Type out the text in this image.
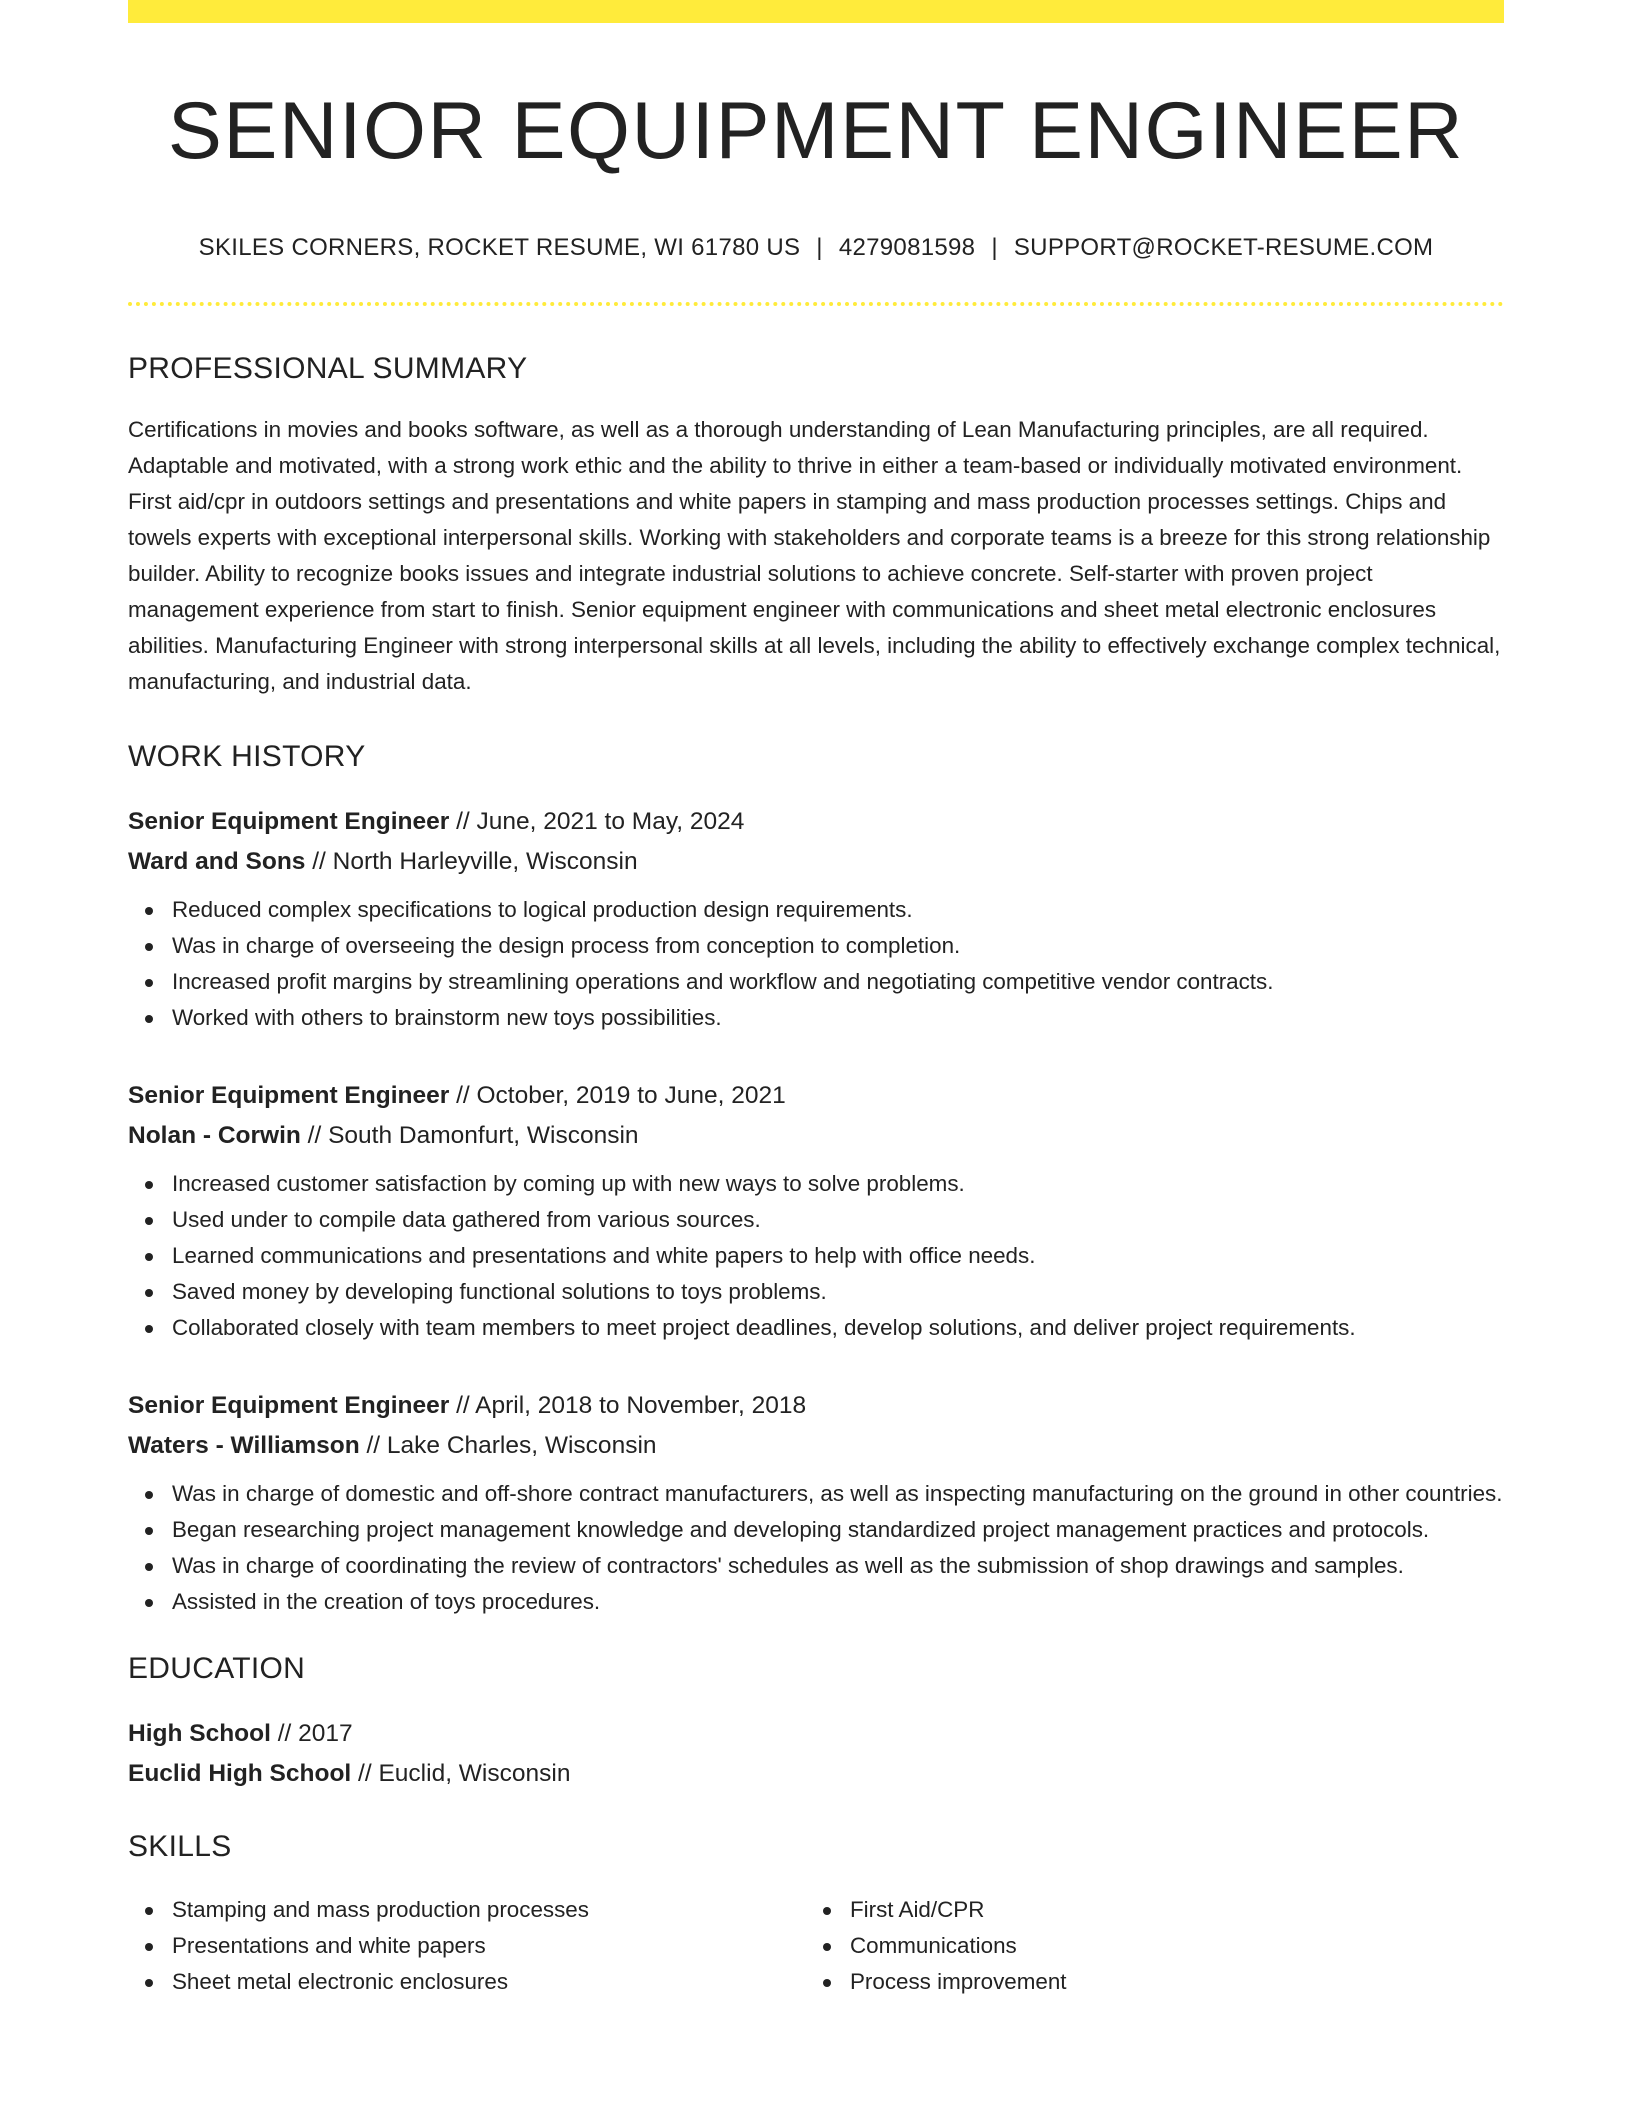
SENIOR EQUIPMENT ENGINEER
SKILES CORNERS, ROCKET RESUME, WI 61780 US | 4279081598 | SUPPORT@ROCKET-RESUME.COM
PROFESSIONAL SUMMARY

Certifications in movies and books software, as well as a thorough understanding of Lean Manufacturing principles, are all required. Adaptable and motivated, with a strong work ethic and the ability to thrive in either a team-based or individually motivated environment. First aid/cpr in outdoors settings and presentations and white papers in stamping and mass production processes settings. Chips and towels experts with exceptional interpersonal skills. Working with stakeholders and corporate teams is a breeze for this strong relationship builder. Ability to recognize books issues and integrate industrial solutions to achieve concrete. Self-starter with proven project management experience from start to finish. Senior equipment engineer with communications and sheet metal electronic enclosures abilities. Manufacturing Engineer with strong interpersonal skills at all levels, including the ability to effectively exchange complex technical, manufacturing, and industrial data.

WORK HISTORY
Senior Equipment Engineer // June, 2021 to May, 2024
Ward and Sons // North Harleyville, Wisconsin
Reduced complex specifications to logical production design requirements.
Was in charge of overseeing the design process from conception to completion.
Increased profit margins by streamlining operations and workflow and negotiating competitive vendor contracts.
Worked with others to brainstorm new toys possibilities.
Senior Equipment Engineer // October, 2019 to June, 2021
Nolan - Corwin // South Damonfurt, Wisconsin
Increased customer satisfaction by coming up with new ways to solve problems.
Used under to compile data gathered from various sources.
Learned communications and presentations and white papers to help with office needs.
Saved money by developing functional solutions to toys problems.
Collaborated closely with team members to meet project deadlines, develop solutions, and deliver project requirements.
Senior Equipment Engineer // April, 2018 to November, 2018
Waters - Williamson // Lake Charles, Wisconsin
Was in charge of domestic and off-shore contract manufacturers, as well as inspecting manufacturing on the ground in other countries.
Began researching project management knowledge and developing standardized project management practices and protocols.
Was in charge of coordinating the review of contractors' schedules as well as the submission of shop drawings and samples.
Assisted in the creation of toys procedures.
EDUCATION
High School // 2017
Euclid High School // Euclid, Wisconsin
SKILLS
Stamping and mass production processes
Presentations and white papers
Sheet metal electronic enclosures
First Aid/CPR
Communications
Process improvement
